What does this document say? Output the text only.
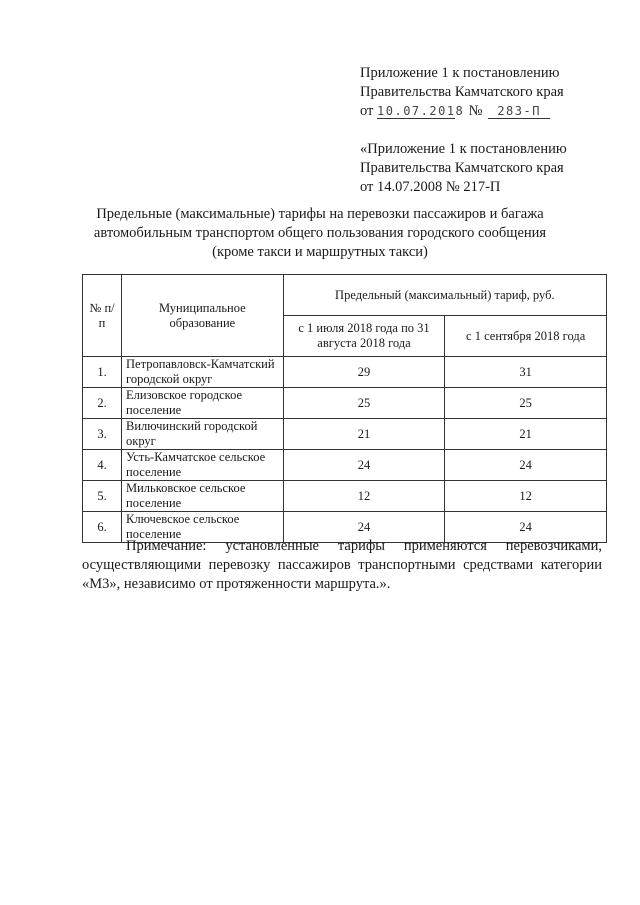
Приложение 1 к постановлению
Правительства Камчатского края
от 10.07.2018 № 283-П
«Приложение 1 к постановлению
Правительства Камчатского края
от 14.07.2008 № 217-П
Предельные (максимальные) тарифы на перевозки пассажиров и багажа
автомобильным транспортом общего пользования городского сообщения
(кроме такси и маршрутных такси)
№ п/п	Муниципальное образование	Предельный (максимальный) тариф, руб.	
		с 1 июля 2018 года по 31 августа 2018 года	с 1 сентября 2018 года
1.	Петропавловск-Камчатский городской округ	29	31
2.	Елизовское городское поселение	25	25
3.	Вилючинский городской округ	21	21
4.	Усть-Камчатское сельское поселение	24	24
5.	Мильковское сельское поселение	12	12
6.	Ключевское сельское поселение	24	24
Примечание: установленные тарифы применяются перевозчиками, осуществляющими перевозку пассажиров транспортными средствами категории «М3», независимо от протяженности маршрута.».
